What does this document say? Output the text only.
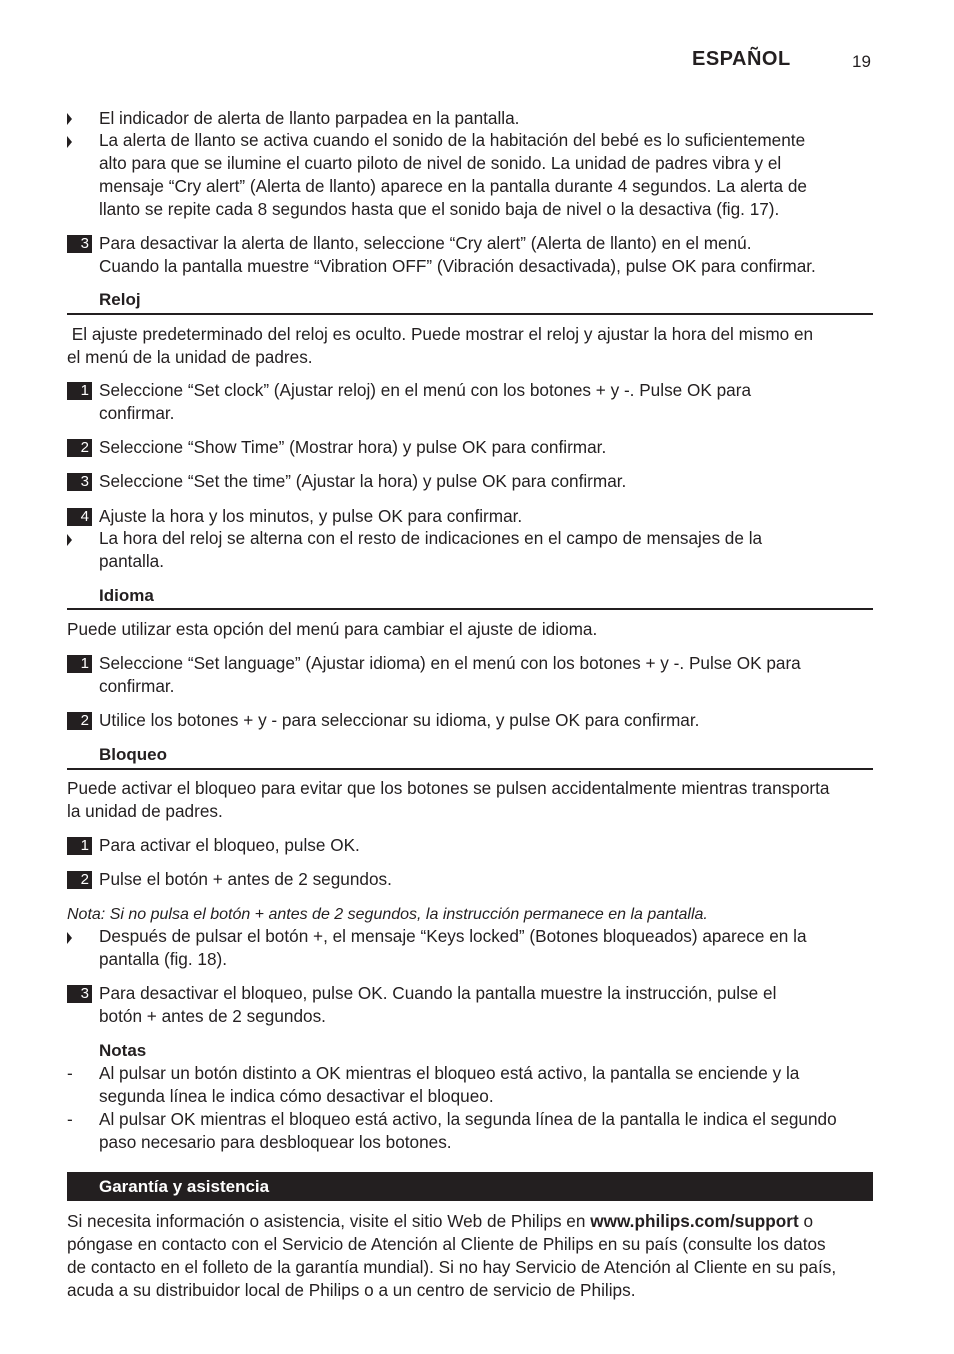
ESPAÑOL	19
El indicador de alerta de llanto parpadea en la pantalla.
La alerta de llanto se activa cuando el sonido de la habitación del bebé es lo suficientemente
alto para que se ilumine el cuarto piloto de nivel de sonido. La unidad de padres vibra y el
mensaje “Cry alert” (Alerta de llanto) aparece en la pantalla durante 4 segundos. La alerta de
llanto se repite cada 8 segundos hasta que el sonido baja de nivel o la desactiva (fig. 17).
3 Para desactivar la alerta de llanto, seleccione “Cry alert” (Alerta de llanto) en el menú.
Cuando la pantalla muestre “Vibration OFF” (Vibración desactivada), pulse OK para confirmar.
Reloj
El ajuste predeterminado del reloj es oculto. Puede mostrar el reloj y ajustar la hora del mismo en
el menú de la unidad de padres.
1 Seleccione “Set clock” (Ajustar reloj) en el menú con los botones + y -. Pulse OK para
confirmar.
2 Seleccione “Show Time” (Mostrar hora) y pulse OK para confirmar.
3 Seleccione “Set the time” (Ajustar la hora) y pulse OK para confirmar.
4 Ajuste la hora y los minutos, y pulse OK para confirmar.
La hora del reloj se alterna con el resto de indicaciones en el campo de mensajes de la
pantalla.
Idioma
Puede utilizar esta opción del menú para cambiar el ajuste de idioma.
1 Seleccione “Set language” (Ajustar idioma) en el menú con los botones + y -. Pulse OK para
confirmar.
2 Utilice los botones + y - para seleccionar su idioma, y pulse OK para confirmar.
Bloqueo
Puede activar el bloqueo para evitar que los botones se pulsen accidentalmente mientras transporta
la unidad de padres.
1 Para activar el bloqueo, pulse OK.
2 Pulse el botón + antes de 2 segundos.
Nota: Si no pulsa el botón + antes de 2 segundos, la instrucción permanece en la pantalla.
Después de pulsar el botón +, el mensaje “Keys locked” (Botones bloqueados) aparece en la
pantalla (fig. 18).
3 Para desactivar el bloqueo, pulse OK. Cuando la pantalla muestre la instrucción, pulse el
botón + antes de 2 segundos.
Notas
- Al pulsar un botón distinto a OK mientras el bloqueo está activo, la pantalla se enciende y la
segunda línea le indica cómo desactivar el bloqueo.
- Al pulsar OK mientras el bloqueo está activo, la segunda línea de la pantalla le indica el segundo
paso necesario para desbloquear los botones.
Garantía y asistencia
Si necesita información o asistencia, visite el sitio Web de Philips en www.philips.com/support o
póngase en contacto con el Servicio de Atención al Cliente de Philips en su país (consulte los datos
de contacto en el folleto de la garantía mundial). Si no hay Servicio de Atención al Cliente en su país,
acuda a su distribuidor local de Philips o a un centro de servicio de Philips.
